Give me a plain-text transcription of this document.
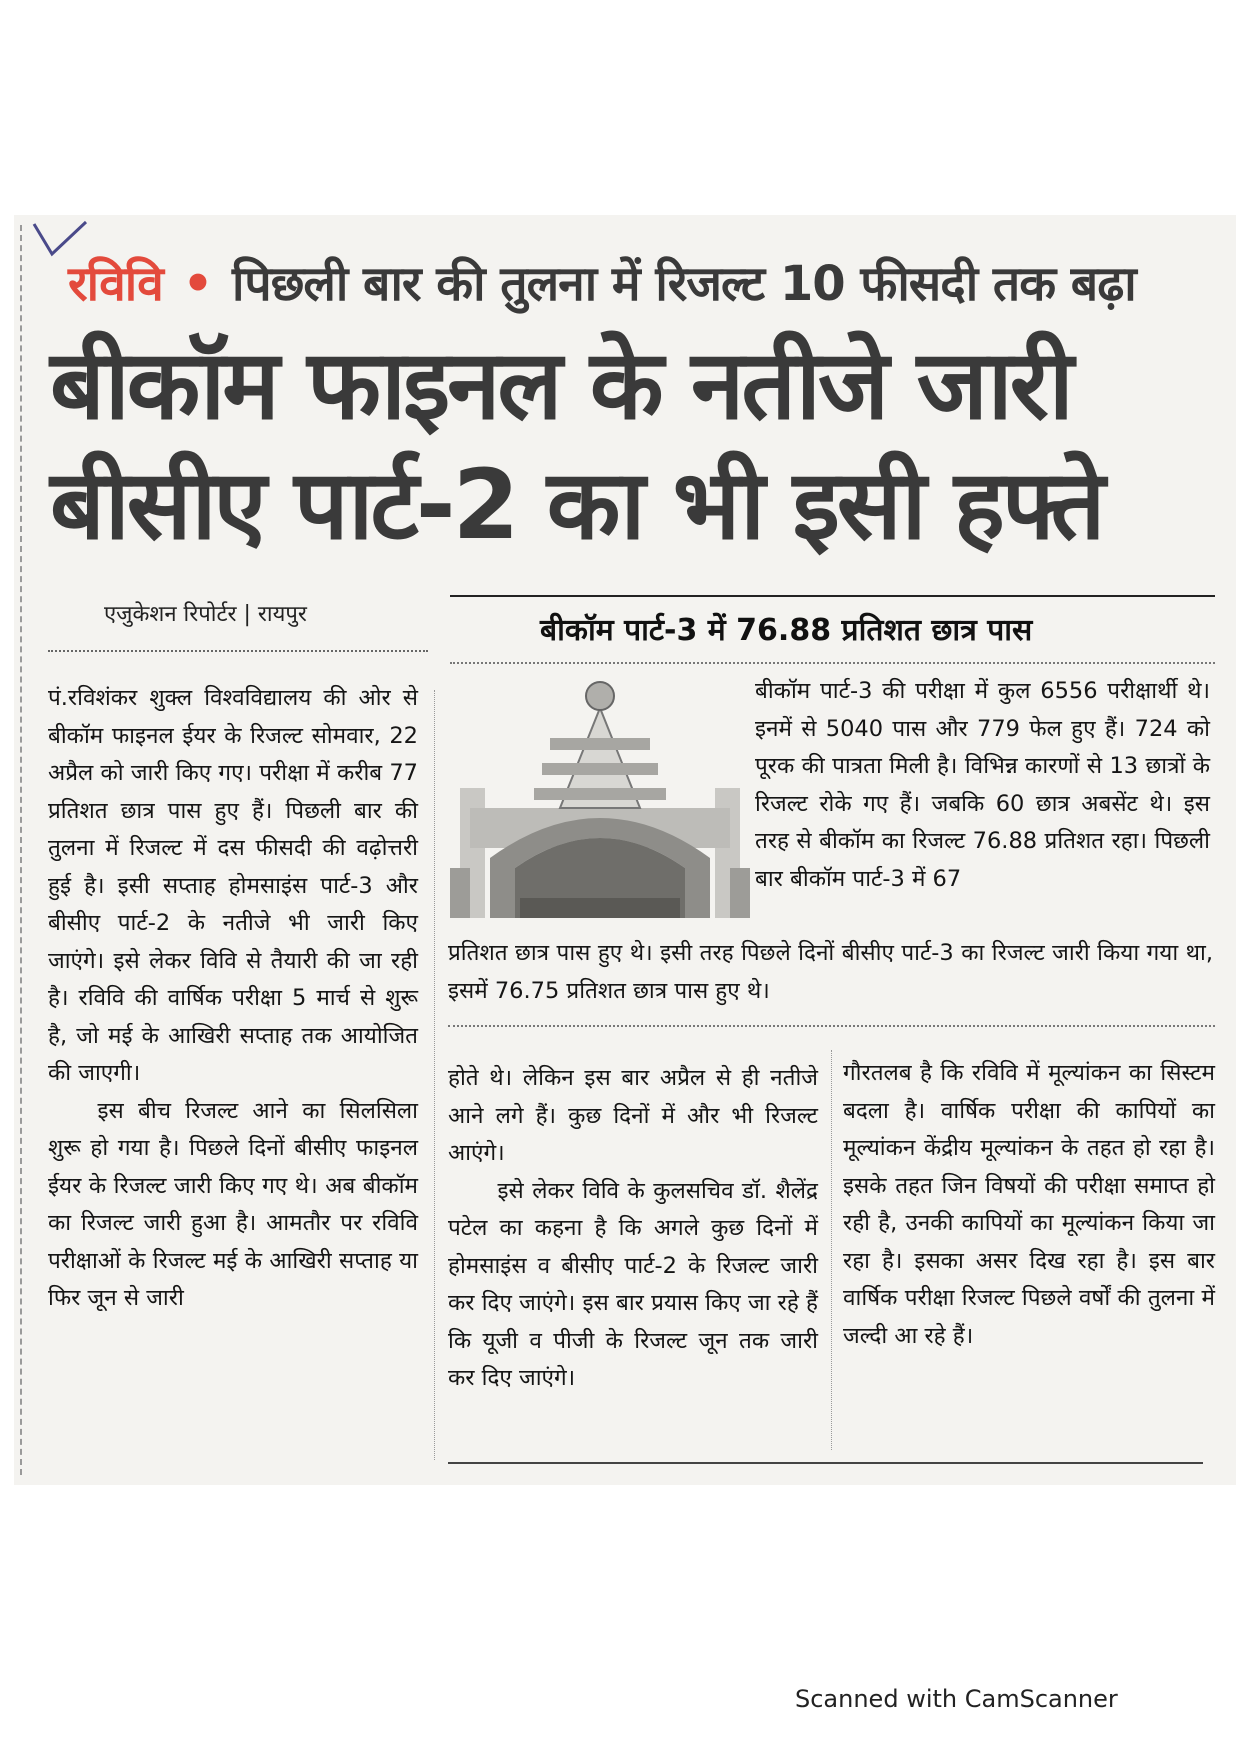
रविवि • पिछली बार की तुलना में रिजल्ट 10 फीसदी तक बढ़ा
बीकॉम फाइनल के नतीजे जारी
बीसीए पार्ट-2 का भी इसी हफ्ते
एजुकेशन रिपोर्टर | रायपुर	बीकॉम पार्ट-3 में 76.88 प्रतिशत छात्र पास
बीकॉम पार्ट-3 की परीक्षा में कुल 6556 परीक्षार्थी थे। इनमें से 5040 पास और 779 फेल हुए हैं। 724 को पूरक की पात्रता मिली है। विभिन्न कारणों से 13 छात्रों के रिजल्ट रोके गए हैं। जबकि 60 छात्र अबसेंट थे। इस तरह से बीकॉम का रिजल्ट 76.88 प्रतिशत रहा। पिछली बार बीकॉम पार्ट-3 में 67
प्रतिशत छात्र पास हुए थे। इसी तरह पिछले दिनों बीसीए पार्ट-3 का रिजल्ट जारी किया गया था, इसमें 76.75 प्रतिशत छात्र पास हुए थे।

पं.रविशंकर शुक्ल विश्वविद्यालय की ओर से बीकॉम फाइनल ईयर के रिजल्ट सोमवार, 22 अप्रैल को जारी किए गए। परीक्षा में करीब 77 प्रतिशत छात्र पास हुए हैं। पिछली बार की तुलना में रिजल्ट में दस फीसदी की वढ़ोत्तरी हुई है। इसी सप्ताह होमसाइंस पार्ट-3 और बीसीए पार्ट-2 के नतीजे भी जारी किए जाएंगे। इसे लेकर विवि से तैयारी की जा रही है। रविवि की वार्षिक परीक्षा 5 मार्च से शुरू है, जो मई के आखिरी सप्ताह तक आयोजित की जाएगी।

इस बीच रिजल्ट आने का सिलसिला शुरू हो गया है। पिछले दिनों बीसीए फाइनल ईयर के रिजल्ट जारी किए गए थे। अब बीकॉम का रिजल्ट जारी हुआ है। आमतौर पर रविवि परीक्षाओं के रिजल्ट मई के आखिरी सप्ताह या फिर जून से जारी

होते थे। लेकिन इस बार अप्रैल से ही नतीजे आने लगे हैं। कुछ दिनों में और भी रिजल्ट आएंगे।

इसे लेकर विवि के कुलसचिव डॉ. शैलेंद्र पटेल का कहना है कि अगले कुछ दिनों में होमसाइंस व बीसीए पार्ट-2 के रिजल्ट जारी कर दिए जाएंगे। इस बार प्रयास किए जा रहे हैं कि यूजी व पीजी के रिजल्ट जून तक जारी कर दिए जाएंगे।

गौरतलब है कि रविवि में मूल्यांकन का सिस्टम बदला है। वार्षिक परीक्षा की कापियों का मूल्यांकन केंद्रीय मूल्यांकन के तहत हो रहा है। इसके तहत जिन विषयों की परीक्षा समाप्त हो रही है, उनकी कापियों का मूल्यांकन किया जा रहा है। इसका असर दिख रहा है। इस बार वार्षिक परीक्षा रिजल्ट पिछले वर्षों की तुलना में जल्दी आ रहे हैं।

Scanned with CamScanner
